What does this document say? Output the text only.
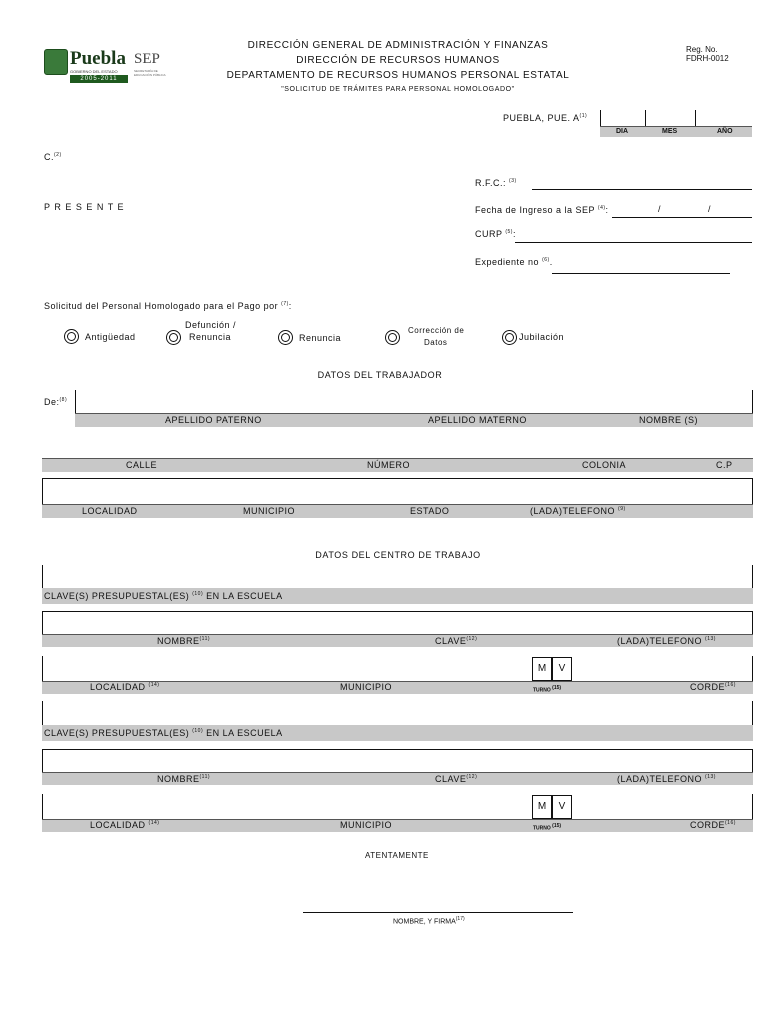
Puebla SEP
GOBIERNO DEL ESTADO	SECRETARÍA DE EDUCACIÓN PÚBLICA
2005-2011
DIRECCIÓN GENERAL DE ADMINISTRACIÓN Y FINANZAS
DIRECCIÓN DE RECURSOS HUMANOS
DEPARTAMENTO DE RECURSOS HUMANOS PERSONAL ESTATAL
"SOLICITUD DE TRÁMITES PARA PERSONAL HOMOLOGADO"
Reg. No.
FDRH-0012
PUEBLA, PUE. $A^{(1)}$
DIA	MES	AÑO
C.$^{(2)}$
R.F.C.: $^{(3)}$
P R E S E N T E	Fecha de Ingreso a la SEP $^{(4)}$:	/	/
CURP $^{(5)}$:
Expediente no $^{(6)}$.
Solicitud del Personal Homologado para el Pago por $^{(7)}$:
Antigüedad
Defunción /
Renuncia	Renuncia
Corrección de
Datos
Jubilación
DATOS DEL TRABAJADOR
De:$^{(8)}$
APELLIDO PATERNO	APELLIDO MATERNO	NOMBRE (S)
CALLE	NÚMERO	COLONIA	C.P
LOCALIDAD	MUNICIPIO	ESTADO	(LADA)TELEFONO $^{(9)}$
DATOS DEL CENTRO DE TRABAJO
CLAVE(S) PRESUPUESTAL(ES) $^{(10)}$ EN LA ESCUELA
NOMBRE$^{(11)}$	CLAVE$^{(12)}$	(LADA)TELEFONO $^{(13)}$
M	V
LOCALIDAD $^{(14)}$	MUNICIPIO	TURNO $^{(15)}$	CORDE$^{(16)}$
CLAVE(S) PRESUPUESTAL(ES) $^{(10)}$ EN LA ESCUELA
NOMBRE$^{(11)}$	CLAVE$^{(12)}$	(LADA)TELEFONO $^{(13)}$
M	V
LOCALIDAD $^{(14)}$	MUNICIPIO	TURNO $^{(15)}$	CORDE$^{(16)}$
ATENTAMENTE
NOMBRE, Y FIRMA$^{(17)}$
